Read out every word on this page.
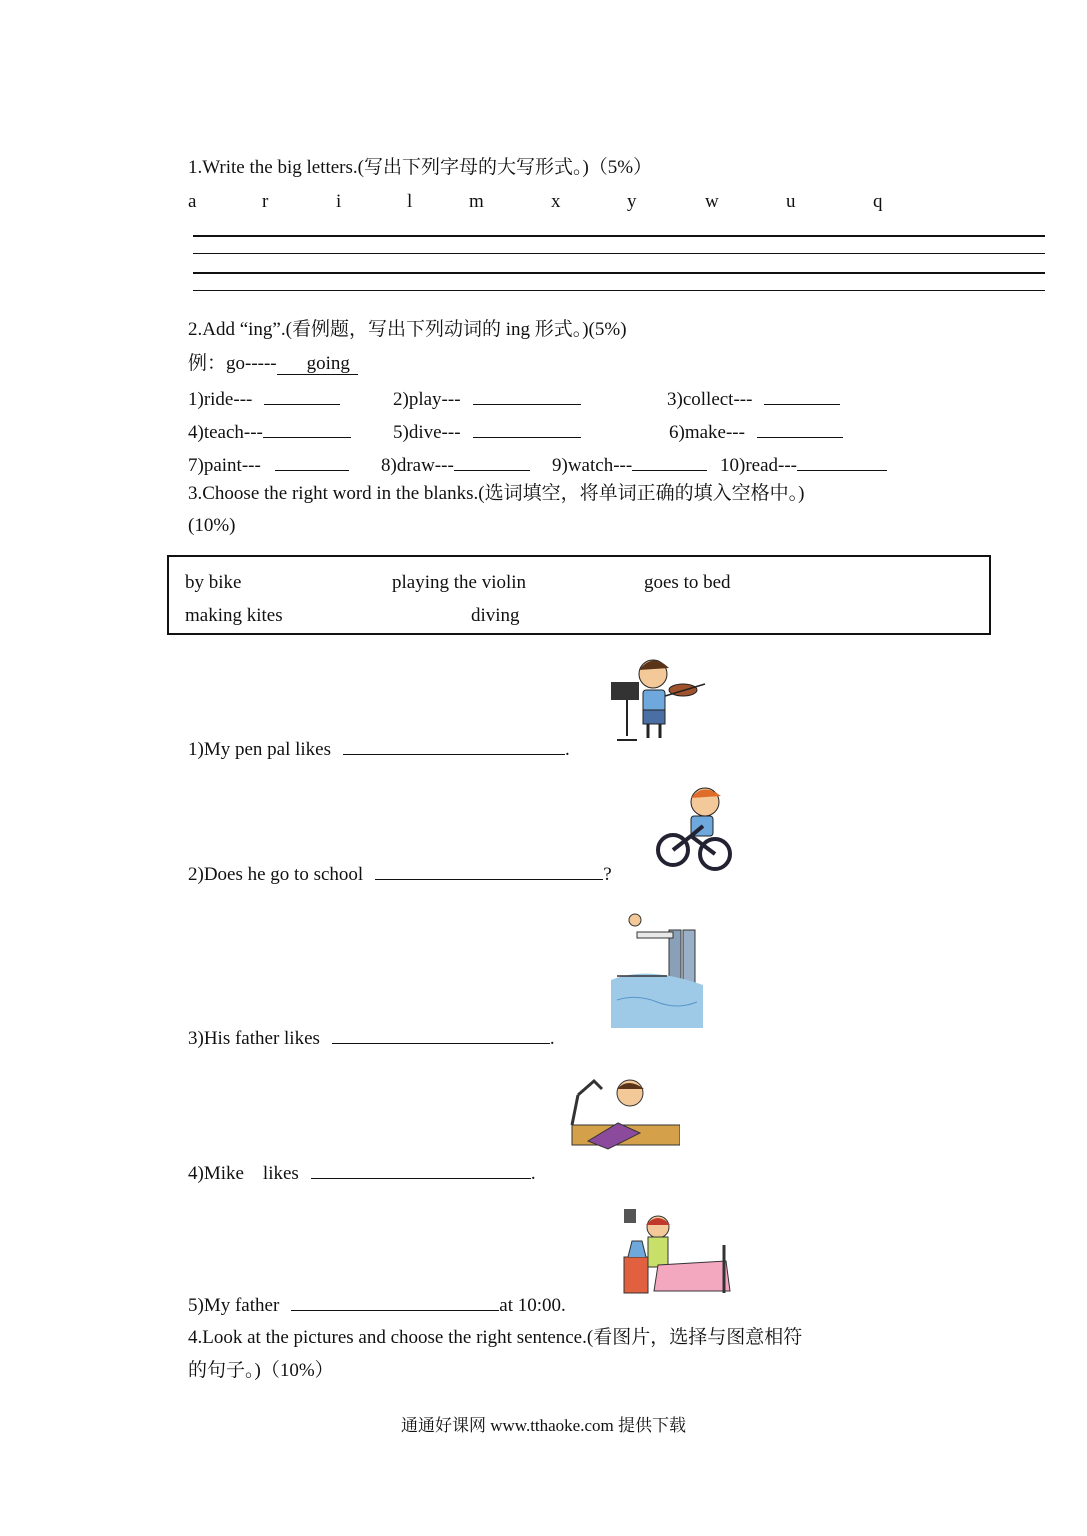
1.Write the big letters.(写出下列字母的大写形式。)（5%）
a	r	i	l	m	x	y	w	u	q
2.Add “ing”.(看例题，写出下列动词的 ing 形式。)(5%)
例：go----- going
1)ride---	2)play---	3)collect---
4)teach---	5)dive---	6)make---
7)paint---	8)draw---	9)watch---	10)read---
3.Choose the right word in the blanks.(选词填空，将单词正确的填入空格中。)
(10%)
by bike	playing the violin	goes to bed
making kites	diving
1)My pen pal likes	.
2)Does he go to school	?
3)His father likes	.
4)Mike    likes	.
5)My father	at 10:00.
4.Look at the pictures and choose the right sentence.(看图片，选择与图意相符
的句子。)（10%）
通通好课网 www.tthaoke.com 提供下载
